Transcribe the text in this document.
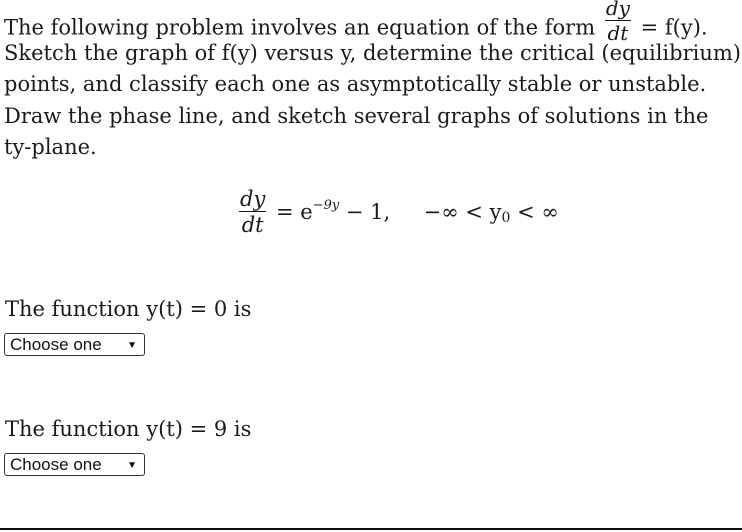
The following problem involves an equation of the form $\frac{dy}{dt} = f(y)$.
Sketch the graph of f(y) versus y, determine the critical (equilibrium)
points, and classify each one as asymptotically stable or unstable.
Draw the phase line, and sketch several graphs of solutions in the
ty-plane.
$\frac{dy}{dt} = e^{-9y} - 1$, −∞ < $y_0$ < ∞
The function y(t) = 0 is
Choose one	▼
The function y(t) = 9 is
Choose one	▼
